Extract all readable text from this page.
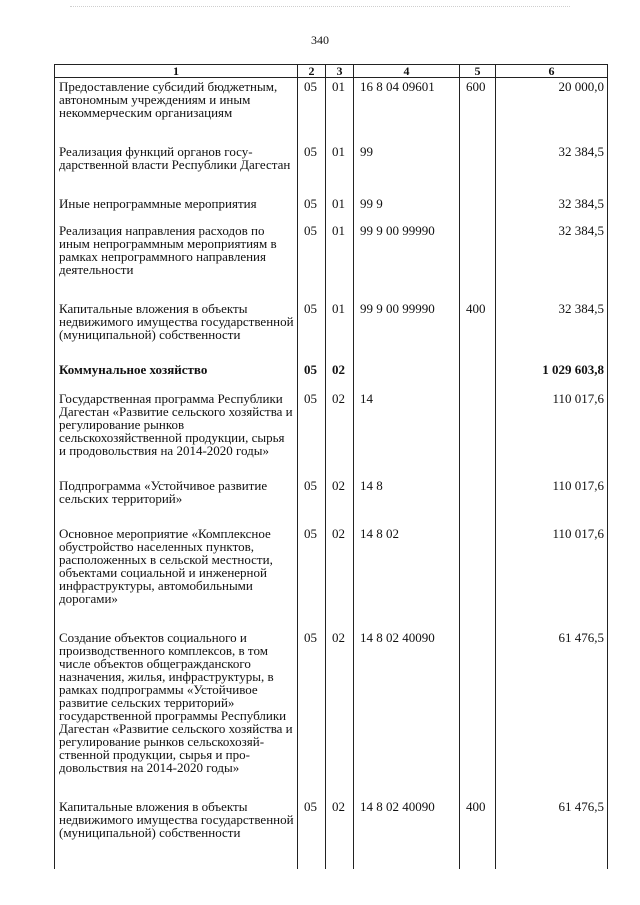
340
1	2	3	4	5	6
Предоставление субсидий бюджетным, автономным учреждениям и иным некоммерческим организациям	05	01	16 8 04 09601	600	20 000,0
Реализация функций органов государственной власти Республики Дагестан	05	01	99		32 384,5
Иные непрограммные мероприятия	05	01	99 9		32 384,5
Реализация направления расходов по иным непрограммным мероприятиям в рамках непрограммного направления деятельности	05	01	99 9 00 99990		32 384,5
Капитальные вложения в объекты недвижимого имущества государственной (муниципальной) собственности	05	01	99 9 00 99990	400	32 384,5
Коммунальное хозяйство	05	02			1 029 603,8
Государственная программа Республики Дагестан «Развитие сельского хозяйства и регулирование рынков сельскохозяйственной продукции, сырья и продовольствия на 2014-2020 годы»	05	02	14		110 017,6
Подпрограмма «Устойчивое развитие сельских территорий»	05	02	14 8		110 017,6
Основное мероприятие «Комплексное обустройство населенных пунктов, расположенных в сельской местности, объектами социальной и инженерной инфраструктуры, автомобильными дорогами»	05	02	14 8 02		110 017,6
Создание объектов социального и производственного комплексов, в том числе объектов общегражданского назначения, жилья, инфраструктуры, в рамках подпрограммы «Устойчивое развитие сельских территорий» государственной программы Республики Дагестан «Развитие сельского хозяйства и регулирование рынков сельскохозяйственной продукции, сырья и продовольствия на 2014-2020 годы»	05	02	14 8 02 40090		61 476,5
Капитальные вложения в объекты недвижимого имущества государственной (муниципальной) собственности	05	02	14 8 02 40090	400	61 476,5
